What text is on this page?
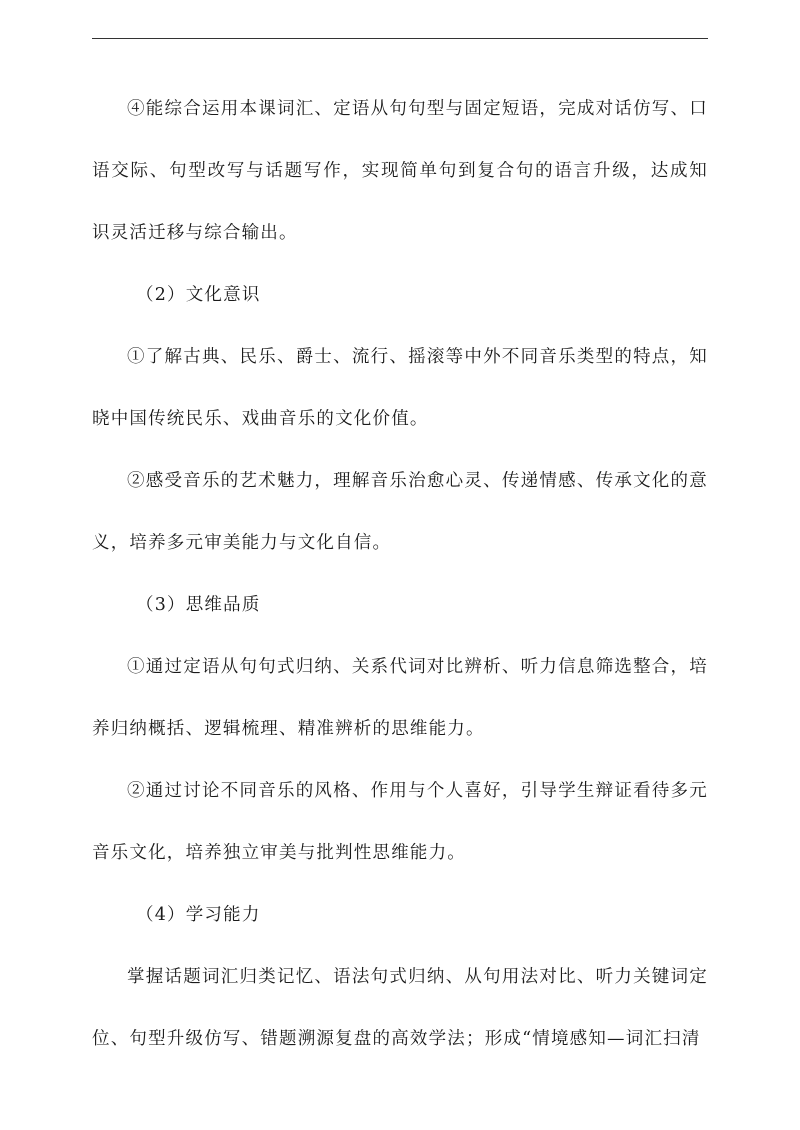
④能综合运用本课词汇、定语从句句型与固定短语，完成对话仿写、口语交际、句型改写与话题写作，实现简单句到复合句的语言升级，达成知识灵活迁移与综合输出。

（2）文化意识

①了解古典、民乐、爵士、流行、摇滚等中外不同音乐类型的特点，知晓中国传统民乐、戏曲音乐的文化价值。

②感受音乐的艺术魅力，理解音乐治愈心灵、传递情感、传承文化的意义，培养多元审美能力与文化自信。

（3）思维品质

①通过定语从句句式归纳、关系代词对比辨析、听力信息筛选整合，培养归纳概括、逻辑梳理、精准辨析的思维能力。

②通过讨论不同音乐的风格、作用与个人喜好，引导学生辩证看待多元音乐文化，培养独立审美与批判性思维能力。

（4）学习能力

掌握话题词汇归类记忆、语法句式归纳、从句用法对比、听力关键词定位、句型升级仿写、错题溯源复盘的高效学法；形成“情境感知—词汇扫清
